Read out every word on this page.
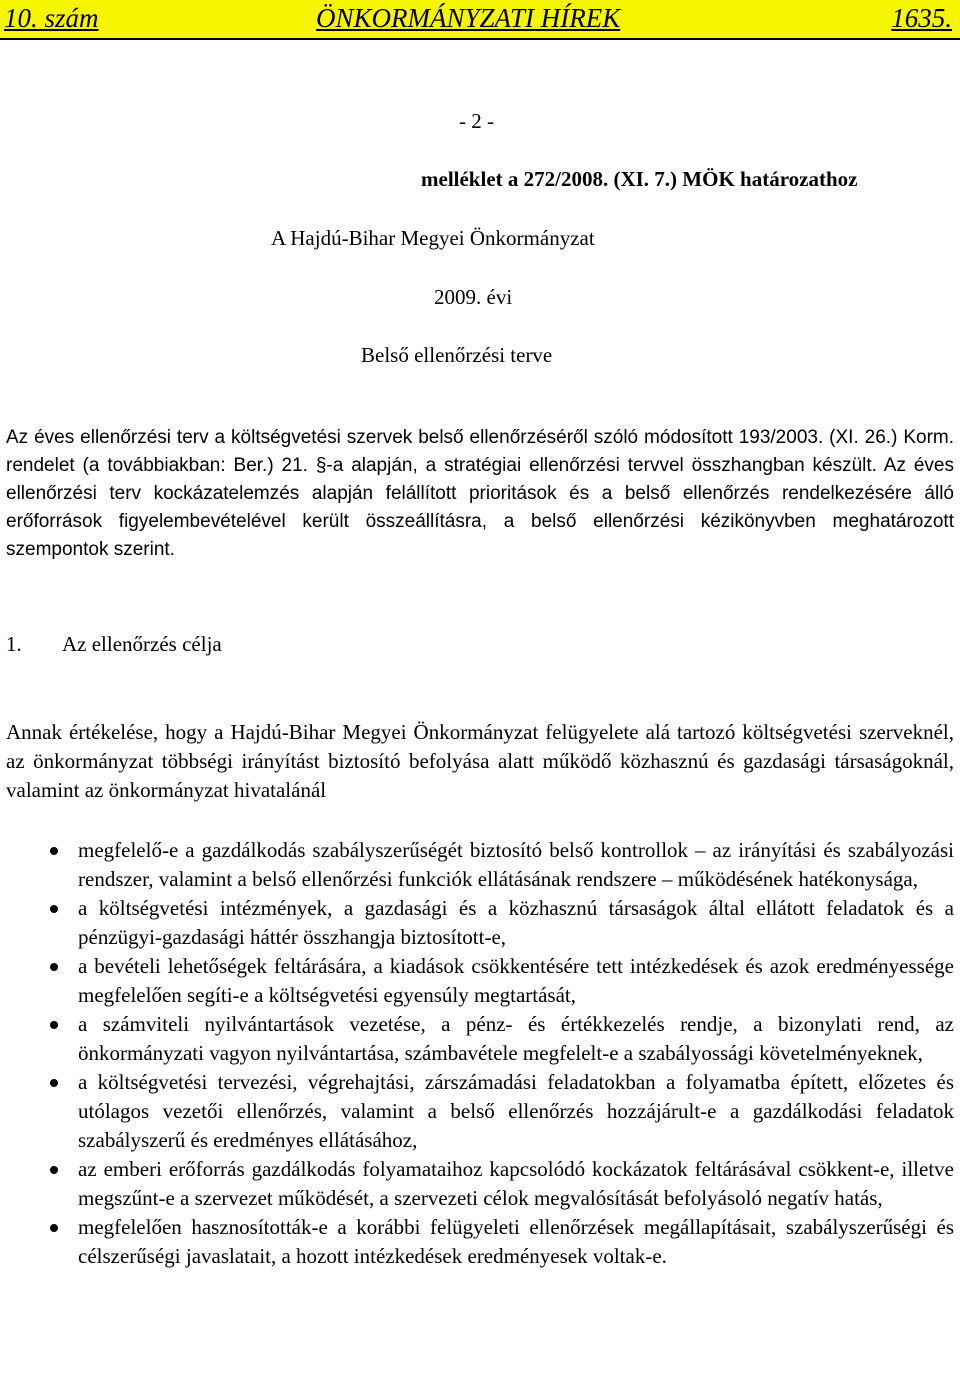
10. szám	ÖNKORMÁNYZATI HÍREK	1635.
- 2 -
melléklet a 272/2008. (XI. 7.) MÖK határozathoz
A Hajdú-Bihar Megyei Önkormányzat
2009. évi
Belső ellenőrzési terve
Az éves ellenőrzési terv a költségvetési szervek belső ellenőrzéséről szóló módosított 193/2003. (XI. 26.) Korm. rendelet (a továbbiakban: Ber.) 21. §-a alapján, a stratégiai ellenőrzési tervvel összhangban készült. Az éves ellenőrzési terv kockázatelemzés alapján felállított prioritások és a belső ellenőrzés rendelkezésére álló erőforrások figyelembevételével került összeállításra, a belső ellenőrzési kézikönyvben meghatározott szempontok szerint.
1. Az ellenőrzés célja
Annak értékelése, hogy a Hajdú-Bihar Megyei Önkormányzat felügyelete alá tartozó költségvetési szerveknél, az önkormányzat többségi irányítást biztosító befolyása alatt működő közhasznú és gazdasági társaságoknál, valamint az önkormányzat hivatalánál
megfelelő-e a gazdálkodás szabályszerűségét biztosító belső kontrollok – az irányítási és szabályozási rendszer, valamint a belső ellenőrzési funkciók ellátásának rendszere – működésének hatékonysága,
a költségvetési intézmények, a gazdasági és a közhasznú társaságok által ellátott feladatok és a pénzügyi-gazdasági háttér összhangja biztosított-e,
a bevételi lehetőségek feltárására, a kiadások csökkentésére tett intézkedések és azok eredményessége megfelelően segíti-e a költségvetési egyensúly megtartását,
a számviteli nyilvántartások vezetése, a pénz- és értékkezelés rendje, a bizonylati rend, az önkormányzati vagyon nyilvántartása, számbavétele megfelelt-e a szabályossági követelményeknek,
a költségvetési tervezési, végrehajtási, zárszámadási feladatokban a folyamatba épített, előzetes és utólagos vezetői ellenőrzés, valamint a belső ellenőrzés hozzájárult-e a gazdálkodási feladatok szabályszerű és eredményes ellátásához,
az emberi erőforrás gazdálkodás folyamataihoz kapcsolódó kockázatok feltárásával csökkent-e, illetve megszűnt-e a szervezet működését, a szervezeti célok megvalósítását befolyásoló negatív hatás,
megfelelően hasznosították-e a korábbi felügyeleti ellenőrzések megállapításait, szabályszerűségi és célszerűségi javaslatait, a hozott intézkedések eredményesek voltak-e.
